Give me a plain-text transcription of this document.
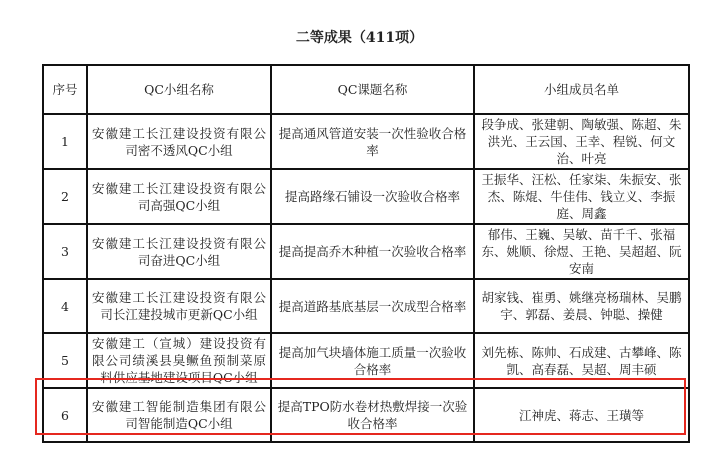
二等成果（411项）
序号	QC小组名称	QC课题名称	小组成员名单
1	安徽建工长江建设投资有限公司密不透风QC小组	提高通风管道安装一次性验收合格率	段争成、张建朝、陶敏强、陈超、朱洪光、王云国、王幸、程锐、何文治、叶亮
2	安徽建工长江建设投资有限公司高强QC小组	提高路缘石铺设一次验收合格率	王振华、汪松、任家柒、朱振安、张杰、陈焜、牛佳伟、钱立义、李振庭、周鑫
3	安徽建工长江建设投资有限公司奋进QC小组	提高提高乔木种植一次验收合格率	郁伟、王巍、吴敏、苗千千、张福东、姚顺、徐煜、王艳、吴超超、阮安南
4	安徽建工长江建设投资有限公司长江建投城市更新QC小组	提高道路基底基层一次成型合格率	胡家钱、崔勇、姚继亮杨瑞林、吴鹏宇、郭磊、姜晨、钟聪、操健
5	安徽建工（宣城）建设投资有限公司绩溪县臭鳜鱼预制菜原料供应基地建设项目QC小组	提高加气块墙体施工质量一次验收合格率	刘先栋、陈帅、石成建、古攀峰、陈凯、高春磊、吴超、周丰硕
6	安徽建工智能制造集团有限公司智能制造QC小组	提高TPO防水卷材热敷焊接一次验收合格率	江神虎、蒋志、王璜等
